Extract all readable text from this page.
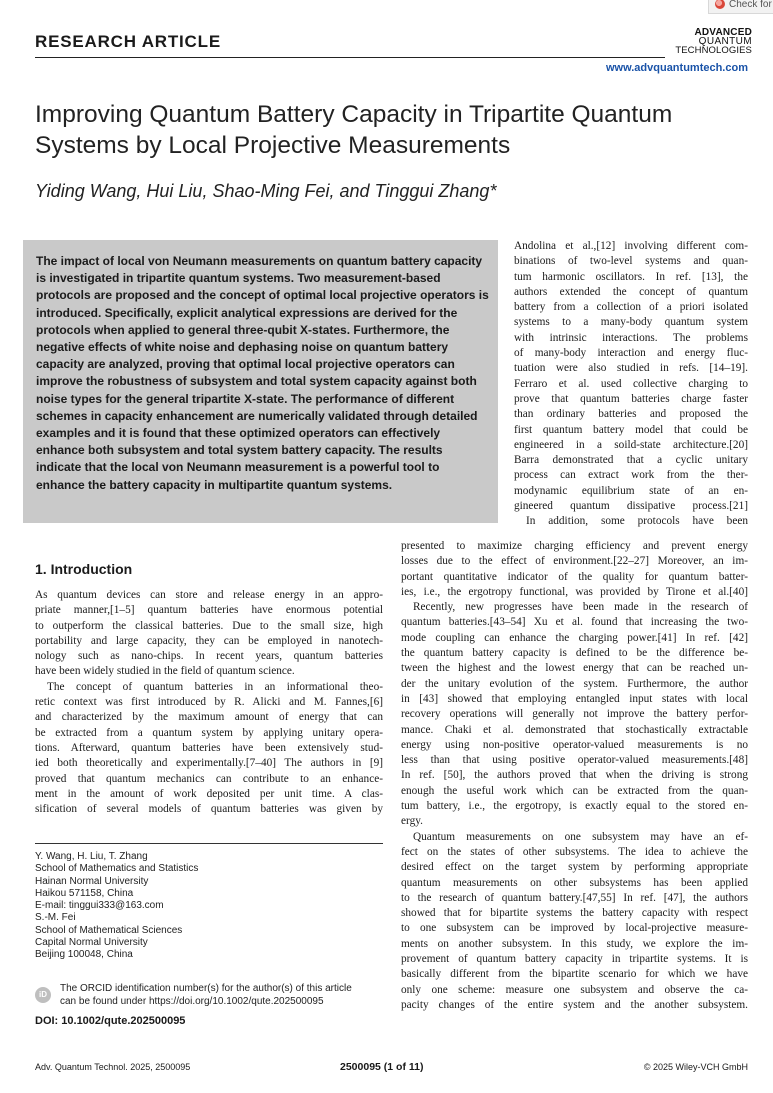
Check for
RESEARCH ARTICLE	ADVANCED
QUANTUM
TECHNOLOGIES
www.advquantumtech.com
Improving Quantum Battery Capacity in Tripartite Quantum
Systems by Local Projective Measurements
Yiding Wang, Hui Liu, Shao-Ming Fei, and Tinggui Zhang*
The impact of local von Neumann measurements on quantum battery capacity is investigated in tripartite quantum systems. Two measurement-based protocols are proposed and the concept of optimal local projective operators is introduced. Specifically, explicit analytical expressions are derived for the protocols when applied to general three-qubit X-states. Furthermore, the negative effects of white noise and dephasing noise on quantum battery capacity are analyzed, proving that optimal local projective operators can improve the robustness of subsystem and total system capacity against both noise types for the general tripartite X-state. The performance of different schemes in capacity enhancement are numerically validated through detailed examples and it is found that these optimized operators can effectively enhance both subsystem and total system battery capacity. The results indicate that the local von Neumann measurement is a powerful tool to enhance the battery capacity in multipartite quantum systems.
Andolina et al.,[12] involving different com-
binations of two-level systems and quan-
tum harmonic oscillators. In ref. [13], the
authors extended the concept of quantum
battery from a collection of a priori isolated
systems to a many-body quantum system
with intrinsic interactions. The problems
of many-body interaction and energy fluc-
tuation were also studied in refs. [14–19].
Ferraro et al. used collective charging to
prove that quantum batteries charge faster
than ordinary batteries and proposed the
first quantum battery model that could be
engineered in a soild-state architecture.[20]
Barra demonstrated that a cyclic unitary
process can extract work from the ther-
modynamic equilibrium state of an en-
gineered quantum dissipative process.[21]
In addition, some protocols have been
presented to maximize charging efficiency and prevent energy
losses due to the effect of environment.[22–27] Moreover, an im-
portant quantitative indicator of the quality for quantum batter-
ies, i.e., the ergotropy functional, was provided by Tirone et al.[40]
Recently, new progresses have been made in the research of
quantum batteries.[43–54] Xu et al. found that increasing the two-
mode coupling can enhance the charging power.[41] In ref. [42]
the quantum battery capacity is defined to be the difference be-
tween the highest and the lowest energy that can be reached un-
der the unitary evolution of the system. Furthermore, the author
in [43] showed that employing entangled input states with local
recovery operations will generally not improve the battery perfor-
mance. Chaki et al. demonstrated that stochastically extractable
energy using non-positive operator-valued measurements is no
less than that using positive operator-valued measurements.[48]
In ref. [50], the authors proved that when the driving is strong
enough the useful work which can be extracted from the quan-
tum battery, i.e., the ergotropy, is exactly equal to the stored en-
ergy.
Quantum measurements on one subsystem may have an ef-
fect on the states of other subsystems. The idea to achieve the
desired effect on the target system by performing appropriate
quantum measurements on other subsystems has been applied
to the research of quantum battery.[47,55] In ref. [47], the authors
showed that for bipartite systems the battery capacity with respect
to one subsystem can be improved by local-projective measure-
ments on another subsystem. In this study, we explore the im-
provement of quantum battery capacity in tripartite systems. It is
basically different from the bipartite scenario for which we have
only one scheme: measure one subsystem and observe the ca-
pacity changes of the entire system and the another subsystem.
1. Introduction
As quantum devices can store and release energy in an appro-
priate manner,[1–5] quantum batteries have enormous potential
to outperform the classical batteries. Due to the small size, high
portability and large capacity, they can be employed in nanotech-
nology such as nano-chips. In recent years, quantum batteries
have been widely studied in the field of quantum science.
The concept of quantum batteries in an informational theo-
retic context was first introduced by R. Alicki and M. Fannes,[6]
and characterized by the maximum amount of energy that can
be extracted from a quantum system by applying unitary opera-
tions. Afterward, quantum batteries have been extensively stud-
ied both theoretically and experimentally.[7–40] The authors in [9]
proved that quantum mechanics can contribute to an enhance-
ment in the amount of work deposited per unit time. A clas-
sification of several models of quantum batteries was given by
Y. Wang, H. Liu, T. Zhang
School of Mathematics and Statistics
Hainan Normal University
Haikou 571158, China
E-mail: tinggui333@163.com
S.-M. Fei
School of Mathematical Sciences
Capital Normal University
Beijing 100048, China
iD
The ORCID identification number(s) for the author(s) of this article
can be found under https://doi.org/10.1002/qute.202500095
DOI: 10.1002/qute.202500095
Adv. Quantum Technol. 2025, 2500095	2500095 (1 of 11)	© 2025 Wiley-VCH GmbH
